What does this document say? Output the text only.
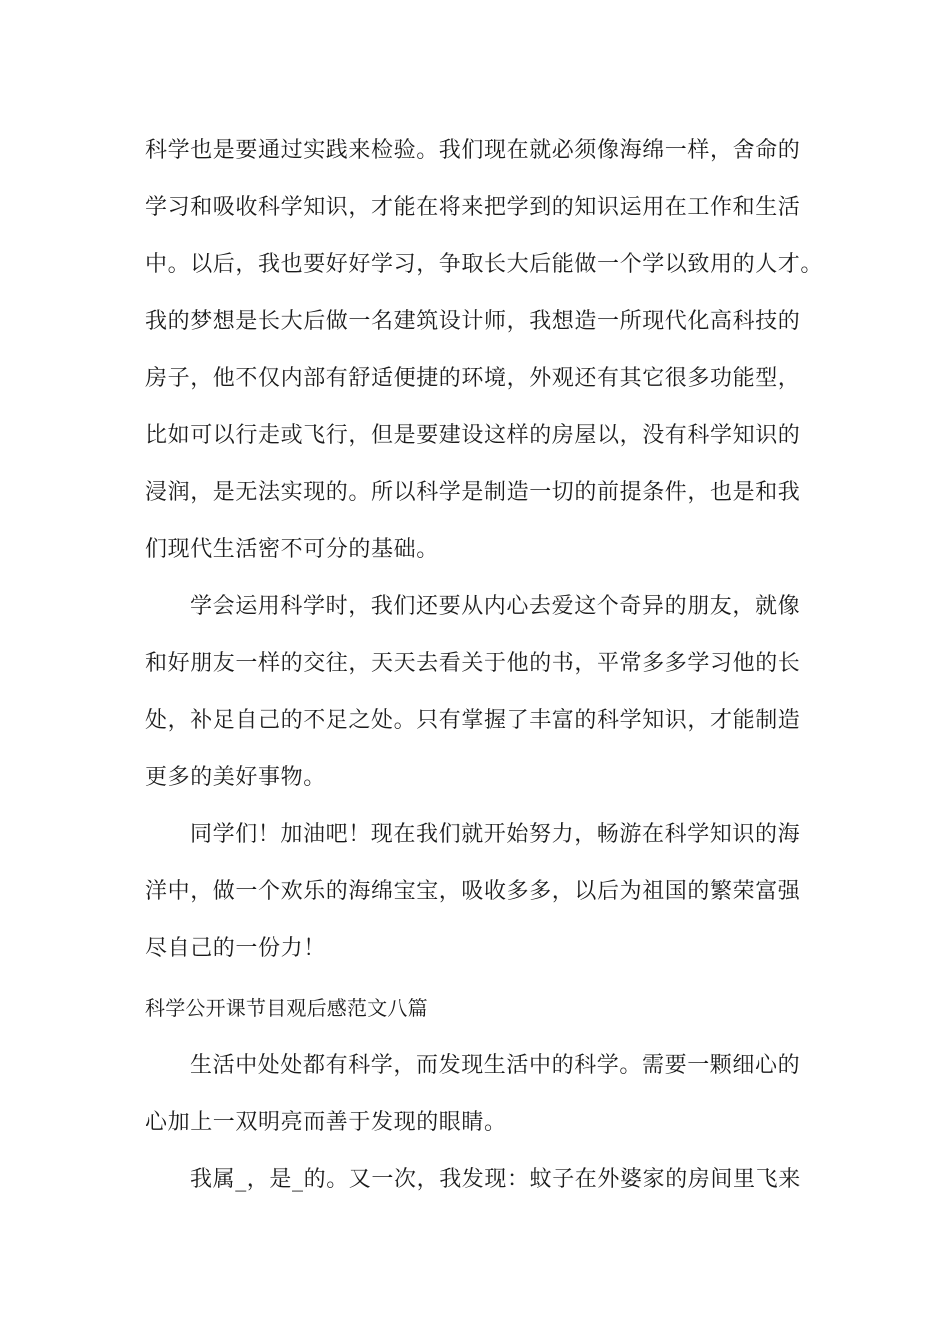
科学也是要通过实践来检验。我们现在就必须像海绵一样，舍命的
学习和吸收科学知识，才能在将来把学到的知识运用在工作和生活
中。以后，我也要好好学习，争取长大后能做一个学以致用的人才。
我的梦想是长大后做一名建筑设计师，我想造一所现代化高科技的
房子，他不仅内部有舒适便捷的环境，外观还有其它很多功能型，
比如可以行走或飞行，但是要建设这样的房屋以，没有科学知识的
浸润，是无法实现的。所以科学是制造一切的前提条件，也是和我
们现代生活密不可分的基础。
学会运用科学时，我们还要从内心去爱这个奇异的朋友，就像
和好朋友一样的交往，天天去看关于他的书，平常多多学习他的长
处，补足自己的不足之处。只有掌握了丰富的科学知识，才能制造
更多的美好事物。
同学们！加油吧！现在我们就开始努力，畅游在科学知识的海
洋中，做一个欢乐的海绵宝宝，吸收多多，以后为祖国的繁荣富强
尽自己的一份力！
科学公开课节目观后感范文八篇
生活中处处都有科学，而发现生活中的科学。需要一颗细心的
心加上一双明亮而善于发现的眼睛。
我属_，是_的。又一次，我发现：蚊子在外婆家的房间里飞来
